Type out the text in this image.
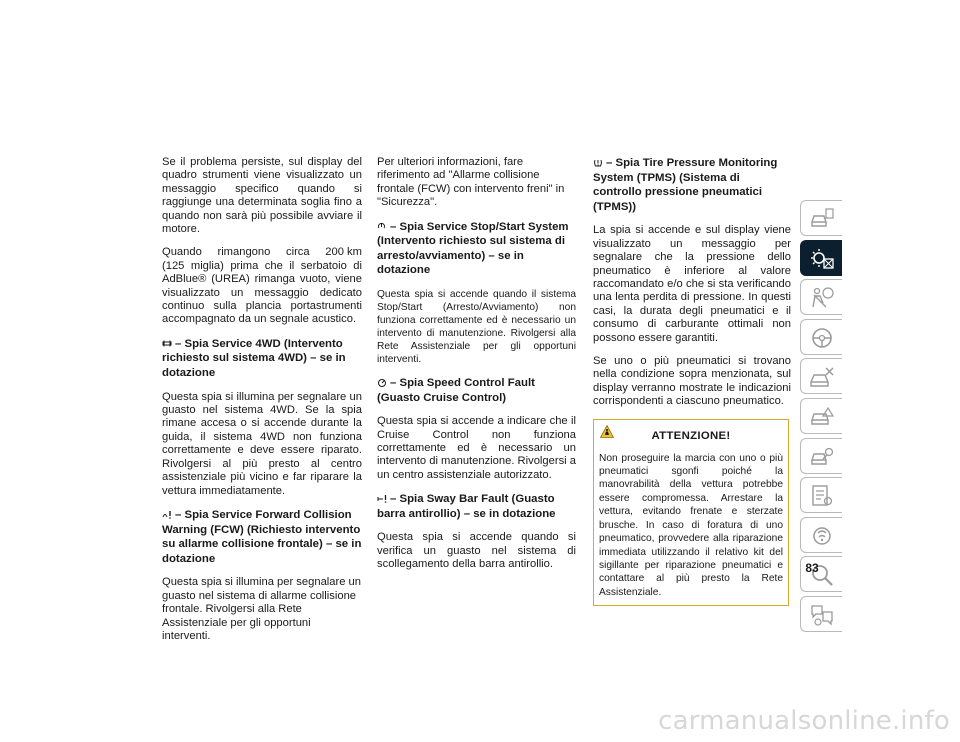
Se il problema persiste, sul display del quadro strumenti viene visualizzato un messaggio specifico quando si raggiunge una determinata soglia fino a quando non sarà più possibile avviare il motore.

Quando rimangono circa 200 km
(125 miglia) prima che il serbatoio di AdBlue® (UREA) rimanga vuoto, viene visualizzato un messaggio dedicato continuo sulla plancia portastrumenti accompagnato da un segnale acustico.
– Spia Service 4WD (Intervento richiesto sul sistema 4WD) – se in dotazione

Questa spia si illumina per segnalare un guasto nel sistema 4WD. Se la spia rimane accesa o si accende durante la guida, il sistema 4WD non funziona correttamente e deve essere riparato. Rivolgersi al più presto al centro assistenziale più vicino e far riparare la vettura immediatamente.

– Spia Service Forward Collision Warning (FCW) (Richiesto intervento su allarme collisione frontale) – se in dotazione

Questa spia si illumina per segnalare un guasto nel sistema di allarme collisione frontale. Rivolgersi alla Rete Assistenziale per gli opportuni interventi.

Per ulteriori informazioni, fare riferimento ad "Allarme collisione frontale (FCW) con intervento freni" in "Sicurezza".

– Spia Service Stop/Start System (Intervento richiesto sul sistema di arresto/avviamento) – se in dotazione

Questa spia si accende quando il sistema Stop/Start (Arresto/Avviamento) non funziona correttamente ed è necessario un intervento di manutenzione. Rivolgersi alla Rete Assistenziale per gli opportuni interventi.

– Spia Speed Control Fault (Guasto Cruise Control)

Questa spia si accende a indicare che il Cruise Control non funziona correttamente ed è necessario un intervento di manutenzione. Rivolgersi a un centro assistenziale autorizzato.

– Spia Sway Bar Fault (Guasto barra antirollio) – se in dotazione

Questa spia si accende quando si verifica un guasto nel sistema di scollegamento della barra antirollio.

– Spia Tire Pressure Monitoring System (TPMS) (Sistema di controllo pressione pneumatici (TPMS))

La spia si accende e sul display viene visualizzato un messaggio per segnalare che la pressione dello pneumatico è inferiore al valore raccomandato e/o che si sta verificando una lenta perdita di pressione. In questi casi, la durata degli pneumatici e il consumo di carburante ottimali non possono essere garantiti.

Se uno o più pneumatici si trovano nella condizione sopra menzionata, sul display verranno mostrate le indicazioni corrispondenti a ciascuno pneumatico.

ATTENZIONE!
Non proseguire la marcia con uno o più pneumatici sgonfi poiché la manovrabilità della vettura potrebbe essere compromessa. Arrestare la vettura, evitando frenate e sterzate brusche. In caso di foratura di uno pneumatico, provvedere alla riparazione immediata utilizzando il relativo kit del sigillante per riparazione pneumatici e contattare al più presto la Rete Assistenziale.
83
carmanualsonline.info
